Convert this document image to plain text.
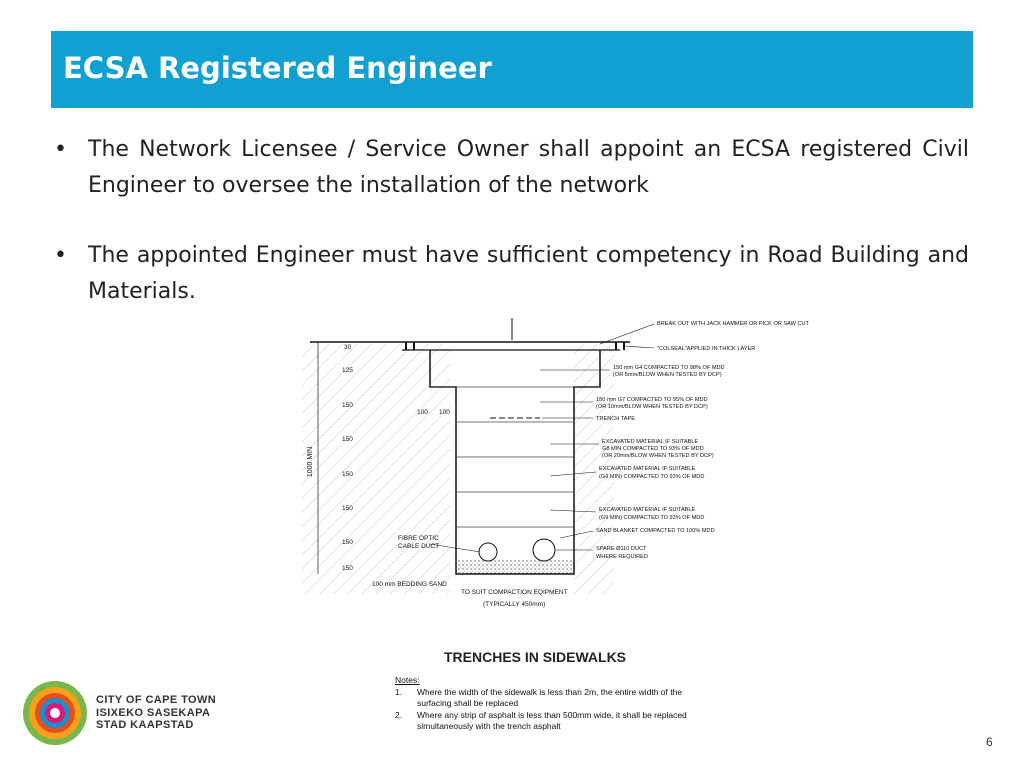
ECSA Registered Engineer
• The Network Licensee / Service Owner shall appoint an ECSA registered Civil Engineer to oversee the installation of the network
• The appointed Engineer must have sufficient competency in Road Building and Materials.
1000 MIN
30
125
150
150
150
150
150
150
100 100
FIBRE OPTIC
CABLE DUCT
100 mm BEDDING SAND
TO SUIT COMPACTION EQIPMENT
(TYPICALLY 450mm)
BREAK OUT WITH JACK HAMMER OR PICK OR SAW CUT
"COLSEAL"APPLIED IN THICK LAYER
150 mm G4 COMPACTED TO 98% OF MDD
(OR 5mm/BLOW WHEN TESTED BY DCP)
150 mm G7 COMPACTED TO 95% OF MDD
(OR 10mm/BLOW WHEN TESTED BY DCP)
TRENCH TAPE
EXCAVATED MATERIAL IF SUITABLE
G8 MIN COMPACTED TO 93% OF MDD
(OR 20mm/BLOW WHEN TESTED BY DCP)
EXCAVATED MATERIAL IF SUITABLE
(G9 MIN) COMPACTED TO 93% OF MDD
EXCAVATED MATERIAL IF SUITABLE
(G9 MIN) COMPACTED TO 93% OF MDD
SAND BLANKET COMPACTED TO 100% MDD
SPARE Ø110 DUCT
WHERE REQUIRED
TRENCHES IN SIDEWALKS
Notes:
1.	Where the width of the sidewalk is less than 2m, the entire width of the surfacing shall be replaced
2.	Where any strip of asphalt is less than 500mm wide, it shall be replaced simultaneously with the trench asphalt
CITY OF CAPE TOWN
ISIXEKO SASEKAPA
STAD KAAPSTAD
6
